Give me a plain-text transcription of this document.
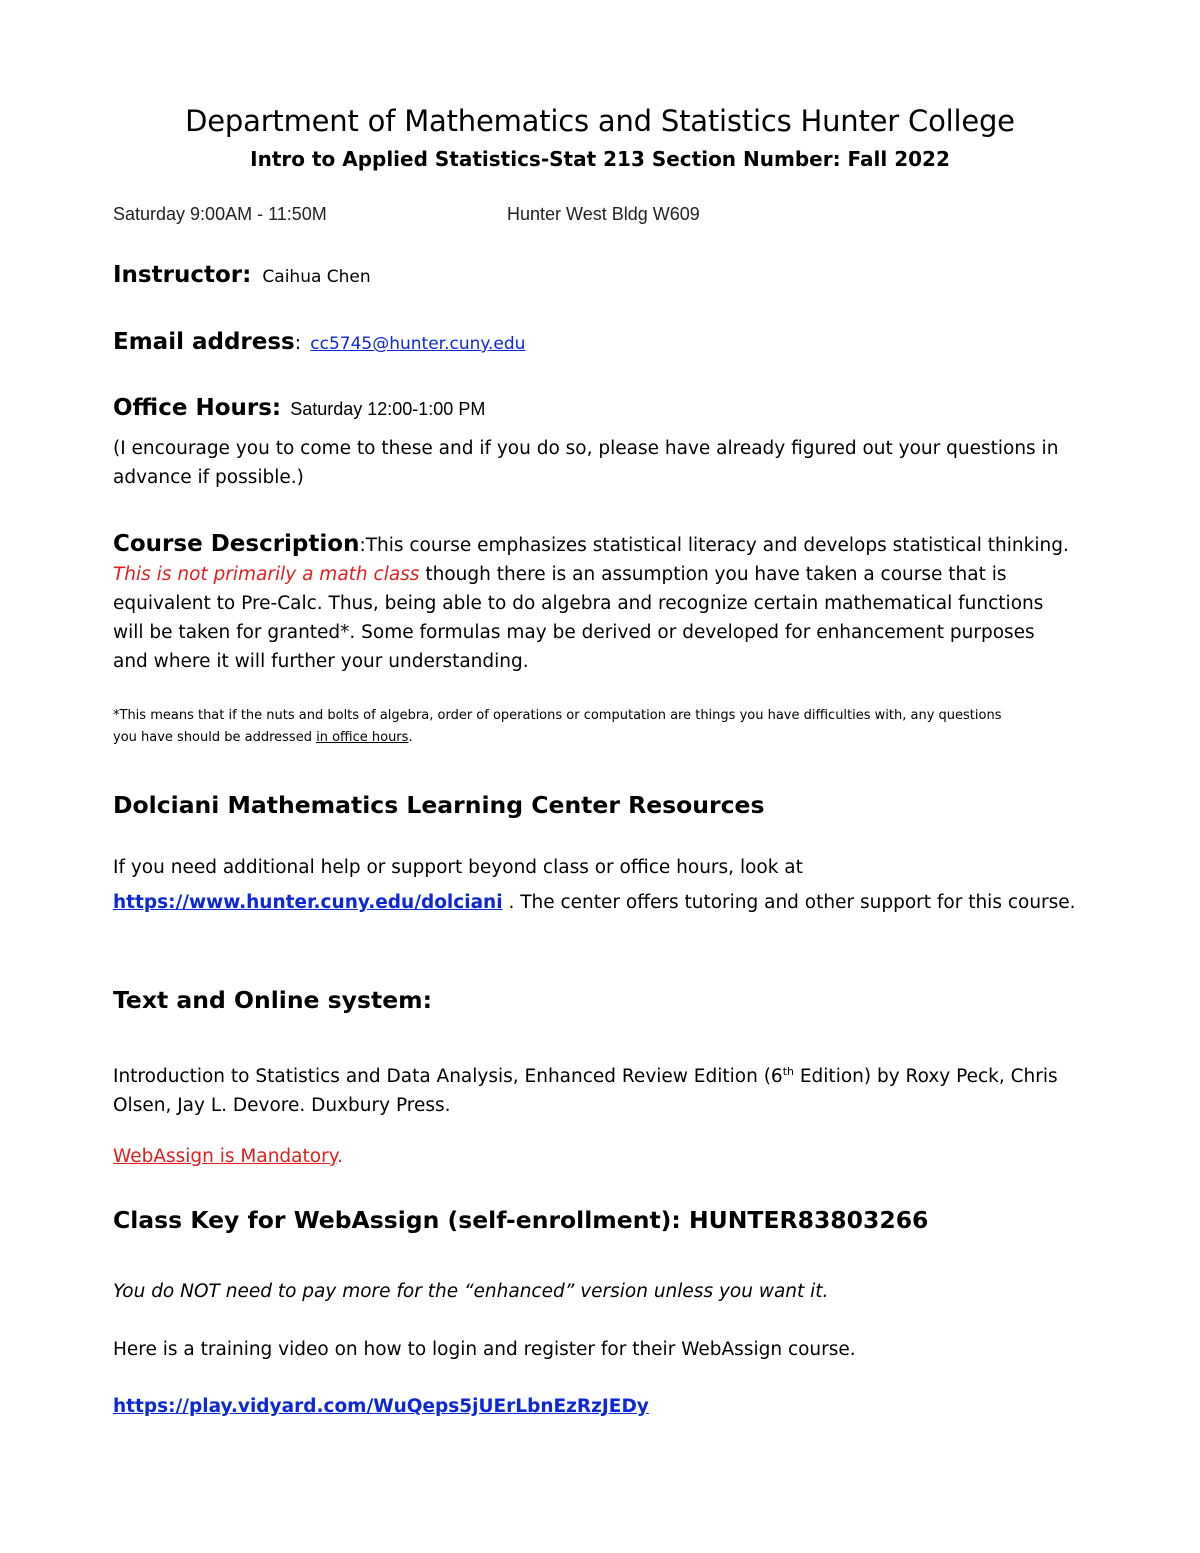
Department of Mathematics and Statistics Hunter College
Intro to Applied Statistics-Stat 213 Section Number: Fall 2022
Saturday 9:00AM - 11:50M	Hunter West Bldg W609
Instructor: Caihua Chen
Email address: cc5745@hunter.cuny.edu
Office Hours: Saturday 12:00-1:00 PM
(I encourage you to come to these and if you do so, please have already figured out your questions in
advance if possible.)
Course Description:This course emphasizes statistical literacy and develops statistical thinking.
This is not primarily a math class though there is an assumption you have taken a course that is
equivalent to Pre-Calc. Thus, being able to do algebra and recognize certain mathematical functions
will be taken for granted*. Some formulas may be derived or developed for enhancement purposes
and where it will further your understanding.
*This means that if the nuts and bolts of algebra, order of operations or computation are things you have difficulties with, any questions
you have should be addressed in office hours.
Dolciani Mathematics Learning Center Resources
If you need additional help or support beyond class or office hours, look at
https://www.hunter.cuny.edu/dolciani . The center offers tutoring and other support for this course.
Text and Online system:
Introduction to Statistics and Data Analysis, Enhanced Review Edition (6th Edition) by Roxy Peck, Chris
Olsen, Jay L. Devore. Duxbury Press.
WebAssign is Mandatory.
Class Key for WebAssign (self-enrollment): HUNTER83803266
You do NOT need to pay more for the “enhanced” version unless you want it.
Here is a training video on how to login and register for their WebAssign course.
https://play.vidyard.com/WuQeps5jUErLbnEzRzJEDy
